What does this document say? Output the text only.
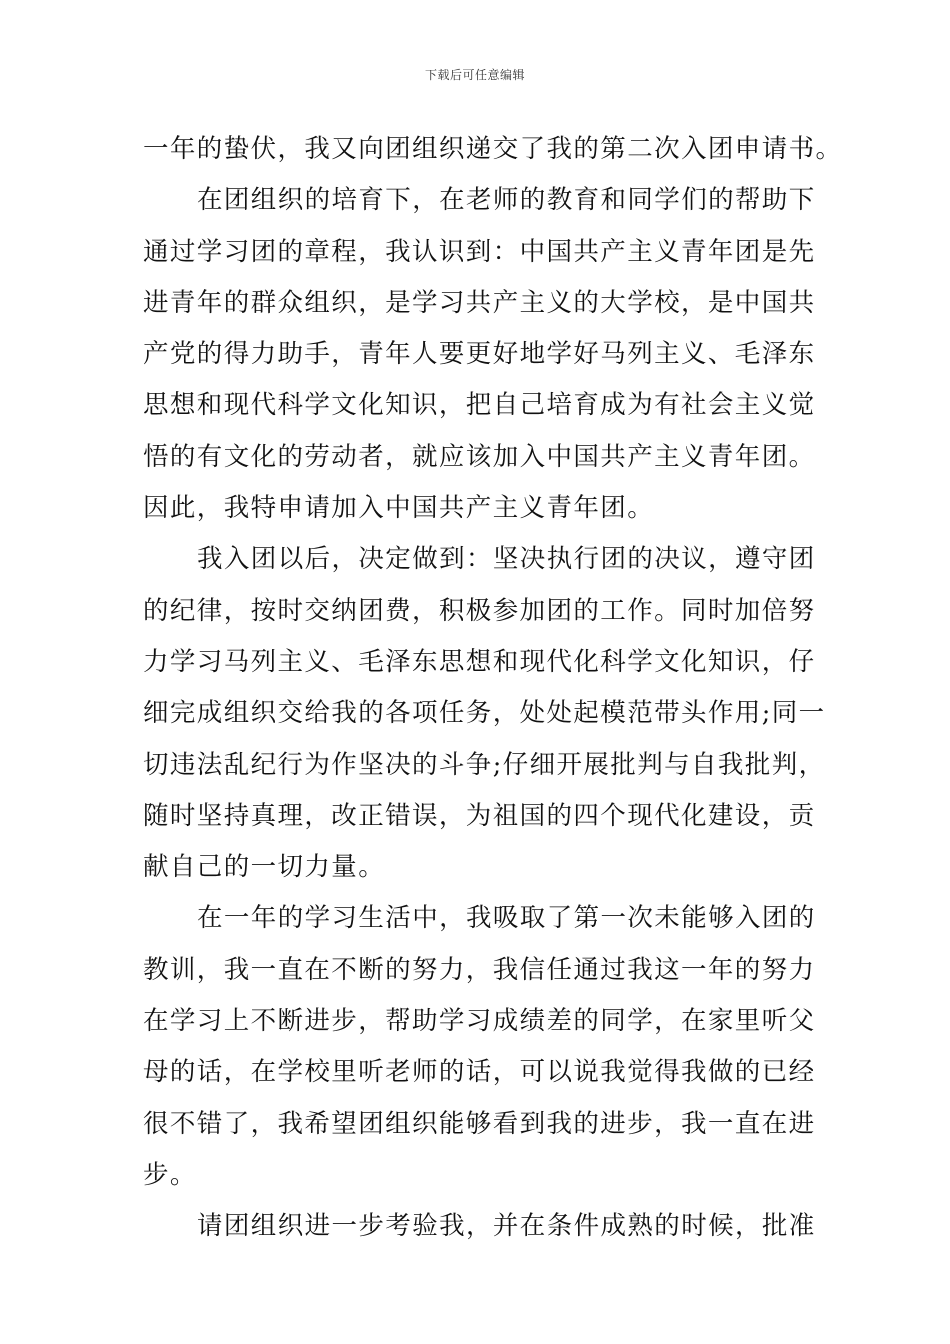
下载后可任意编辑
一年的蛰伏，我又向团组织递交了我的第二次入团申请书。
在团组织的培育下，在老师的教育和同学们的帮助下
通过学习团的章程，我认识到：中国共产主义青年团是先
进青年的群众组织，是学习共产主义的大学校，是中国共
产党的得力助手，青年人要更好地学好马列主义、毛泽东
思想和现代科学文化知识，把自己培育成为有社会主义觉
悟的有文化的劳动者，就应该加入中国共产主义青年团。
因此，我特申请加入中国共产主义青年团。
我入团以后，决定做到：坚决执行团的决议，遵守团
的纪律，按时交纳团费，积极参加团的工作。同时加倍努
力学习马列主义、毛泽东思想和现代化科学文化知识，仔
细完成组织交给我的各项任务，处处起模范带头作用;同一
切违法乱纪行为作坚决的斗争;仔细开展批判与自我批判，
随时坚持真理，改正错误，为祖国的四个现代化建设，贡
献自己的一切力量。
在一年的学习生活中，我吸取了第一次未能够入团的
教训，我一直在不断的努力，我信任通过我这一年的努力
在学习上不断进步，帮助学习成绩差的同学，在家里听父
母的话，在学校里听老师的话，可以说我觉得我做的已经
很不错了，我希望团组织能够看到我的进步，我一直在进
步。
请团组织进一步考验我，并在条件成熟的时候，批准
